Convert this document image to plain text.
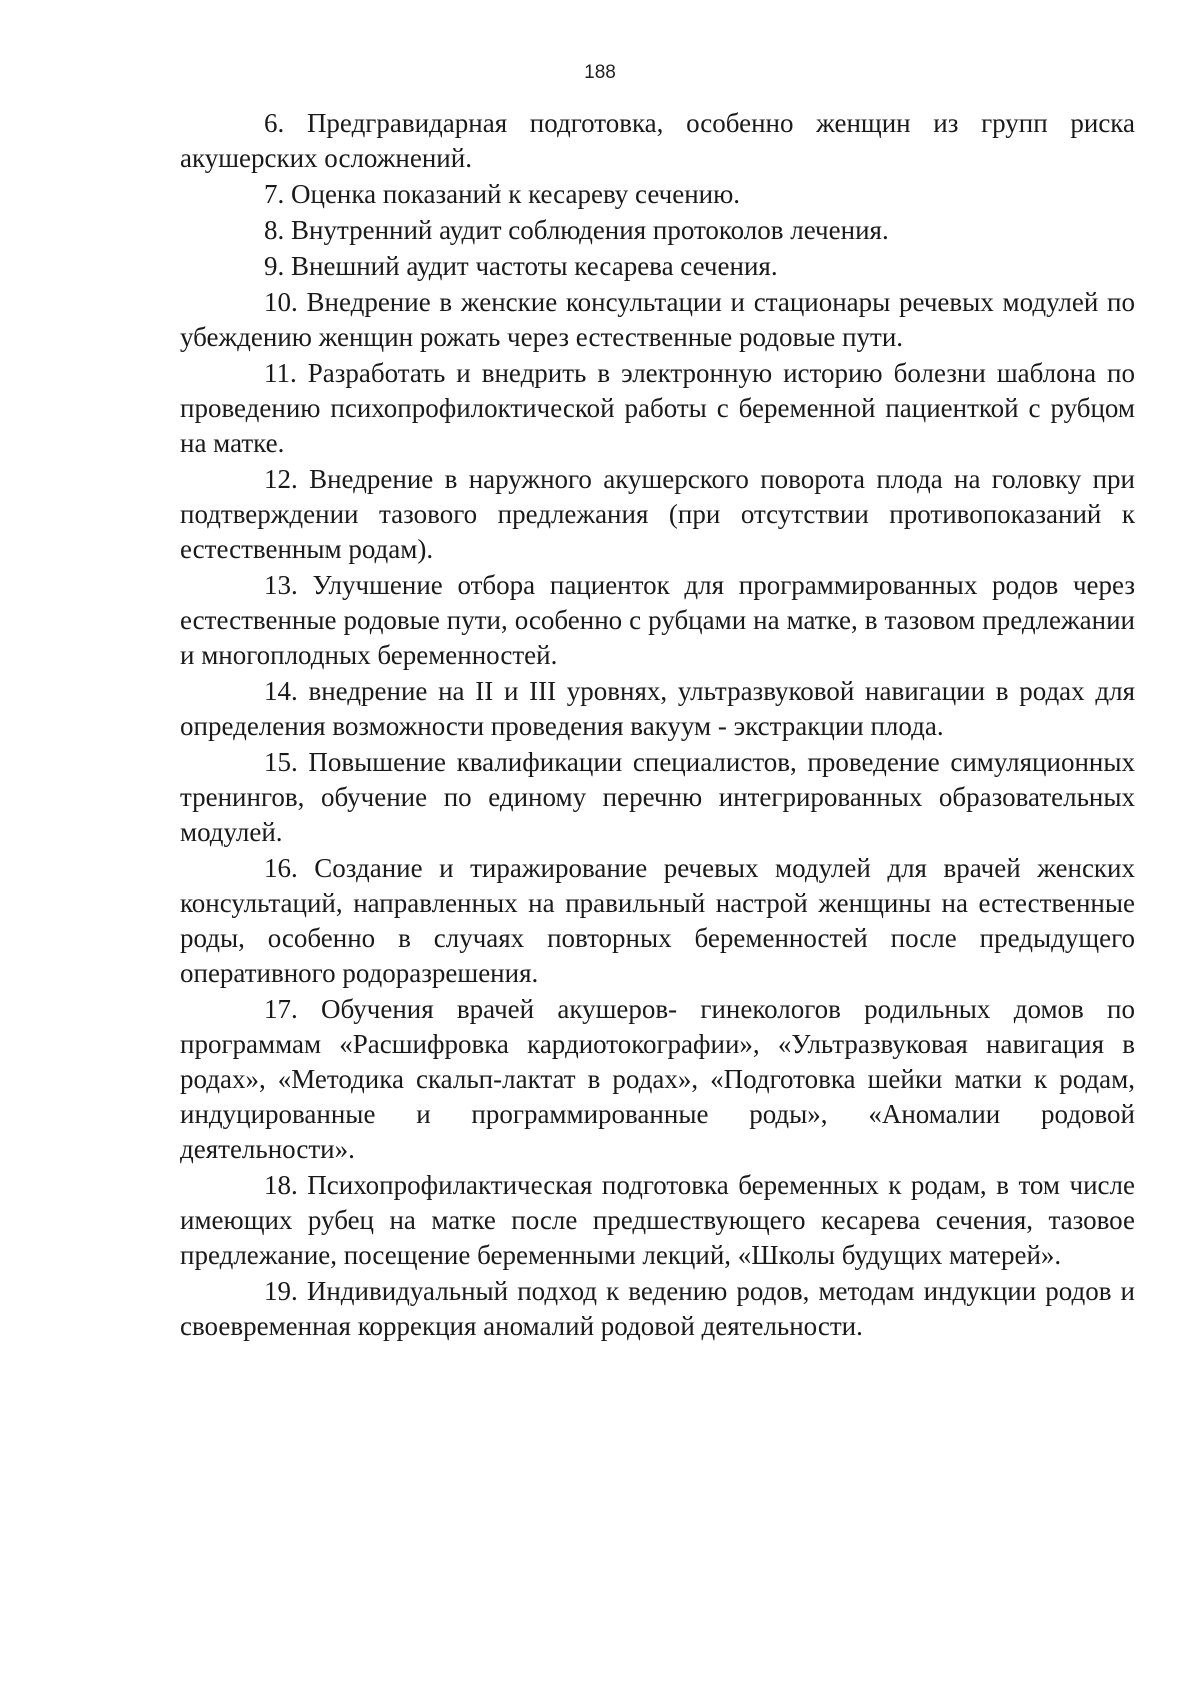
188

6. Предгравидарная подготовка, особенно женщин из групп риска акушерских осложнений.

7. Оценка показаний к кесареву сечению.

8. Внутренний аудит соблюдения протоколов лечения.

9. Внешний аудит частоты кесарева сечения.

10. Внедрение в женские консультации и стационары речевых модулей по убеждению женщин рожать через естественные родовые пути.

11. Разработать и внедрить в электронную историю болезни шаблона по проведению психопрофилоктической работы с беременной пациенткой с рубцом на матке.

12. Внедрение в наружного акушерского поворота плода на головку при подтверждении тазового предлежания (при отсутствии противопоказаний к естественным родам).

13. Улучшение отбора пациенток для программированных родов через естественные родовые пути, особенно с рубцами на матке, в тазовом предлежании и многоплодных беременностей.

14. внедрение на II и III уровнях, ультразвуковой навигации в родах для определения возможности проведения вакуум - экстракции плода.

15. Повышение квалификации специалистов, проведение симуляционных тренингов, обучение по единому перечню интегрированных образовательных модулей.

16. Создание и тиражирование речевых модулей для врачей женских консультаций, направленных на правильный настрой женщины на естественные роды, особенно в случаях повторных беременностей после предыдущего оперативного родоразрешения.

17. Обучения врачей акушеров- гинекологов родильных домов по программам «Расшифровка кардиотокографии», «Ультразвуковая навигация в родах», «Методика скальп-лактат в родах», «Подготовка шейки матки к родам, индуцированные и программированные роды», «Аномалии родовой деятельности».

18. Психопрофилактическая подготовка беременных к родам, в том числе имеющих рубец на матке после предшествующего кесарева сечения, тазовое предлежание, посещение беременными лекций, «Школы будущих матерей».

19. Индивидуальный подход к ведению родов, методам индукции родов и своевременная коррекция аномалий родовой деятельности.
